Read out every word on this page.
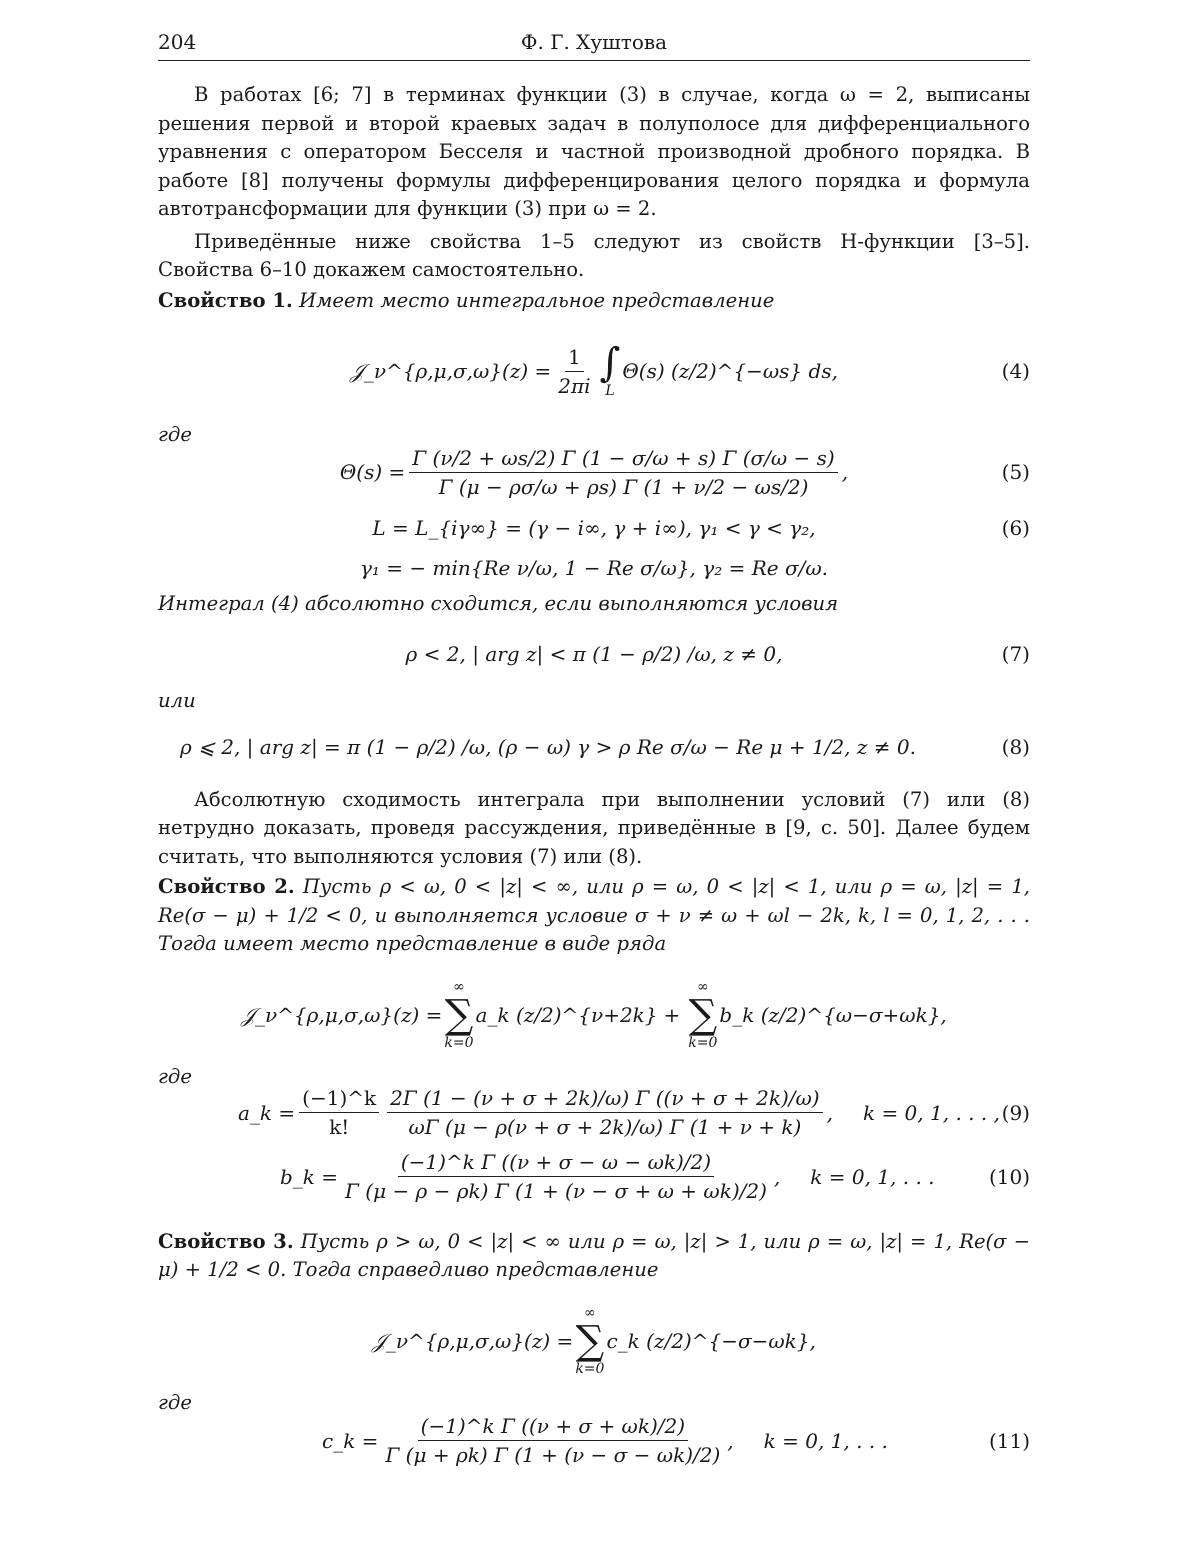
204	Ф. Г. Хуштова

В работах [6; 7] в терминах функции (3) в случае, когда ω = 2, выписаны решения первой и второй краевых задач в полуполосе для дифференциального уравнения с оператором Бесселя и частной производной дробного порядка. В работе [8] получены формулы дифференцирования целого порядка и формула автотрансформации для функции (3) при ω = 2.

Приведённые ниже свойства 1–5 следуют из свойств H-функции [3–5]. Свойства 6–10 докажем самостоятельно.

Свойство 1. Имеет место интегральное представление

𝒥_ν^{ρ,μ,σ,ω}(z) = $\frac{1}{2\pi i}$ ∫
L
Θ(s) (z/2)^{−ωs} ds,	(4)
где
$\Theta(s) = \frac{\Gamma (\nu/2 + \omega s/2) \Gamma (1 - \sigma/\omega + s) \Gamma (\sigma/\omega - s)}{\Gamma (\mu - \rho\sigma/\omega + \rho s) \Gamma (1 + \nu/2 - \omega s/2)}$ ,	(5)
L = L_{iγ∞} = (γ − i∞, γ + i∞), γ₁ < γ < γ₂,	(6)
γ₁ = − min{Re ν/ω, 1 − Re σ/ω}, γ₂ = Re σ/ω.

Интеграл (4) абсолютно сходится, если выполняются условия

ρ < 2, | arg z| < π (1 − ρ/2) /ω, z ≠ 0,	(7)
или
ρ ⩽ 2, | arg z| = π (1 − ρ/2) /ω, (ρ − ω) γ > ρ Re σ/ω − Re μ + 1/2, z ≠ 0.	(8)

Абсолютную сходимость интеграла при выполнении условий (7) или (8) нетрудно доказать, проведя рассуждения, приведённые в [9, с. 50]. Далее будем считать, что выполняются условия (7) или (8).

Свойство 2. Пусть ρ < ω, 0 < |z| < ∞, или ρ = ω, 0 < |z| < 1, или ρ = ω, |z| = 1, Re(σ − μ) + 1/2 < 0, и выполняется условие σ + ν ≠ ω + ωl − 2k, k, l = 0, 1, 2, . . . Тогда имеет место представление в виде ряда

𝒥_ν^{ρ,μ,σ,ω}(z) =
∞
∑
k=0
a_k (z/2)^{ν+2k} +
∞
∑
k=0
b_k (z/2)^{ω−σ+ωk} ,
где
a_k = $\frac{(-1)\^{}k}{k!} \frac{2\Gamma (1 - (\nu + \sigma + 2k)/\omega) \Gamma ((\nu + \sigma + 2k)/\omega)}{\omega\Gamma (\mu - \rho(\nu + \sigma + 2k)/\omega) \Gamma (1 + \nu + k)}$ , k = 0, 1, . . . , (9)
b_k = $\frac{\text{(−1)\textasciicircum{}k Γ ((ν + σ − ω − ωk)/2)}}{\Gamma (\mu - \rho - \rho k) \Gamma (1 + (\nu - \sigma + \omega + \omega k)/2)}$ , k = 0, 1, . . .	(10)

Свойство 3. Пусть ρ > ω, 0 < |z| < ∞ или ρ = ω, |z| > 1, или ρ = ω, |z| = 1, Re(σ − μ) + 1/2 < 0. Тогда справедливо представление

𝒥_ν^{ρ,μ,σ,ω}(z) =
∞
∑
k=0
c_k (z/2)^{−σ−ωk} ,
где
c_k = $\frac{\text{(−1)\textasciicircum{}k Γ ((ν + σ + ωk)/2)}}{\Gamma (\mu + \rho k) \Gamma (1 + (\nu - \sigma - \omega k)/2)}$ , k = 0, 1, . . .	(11)
